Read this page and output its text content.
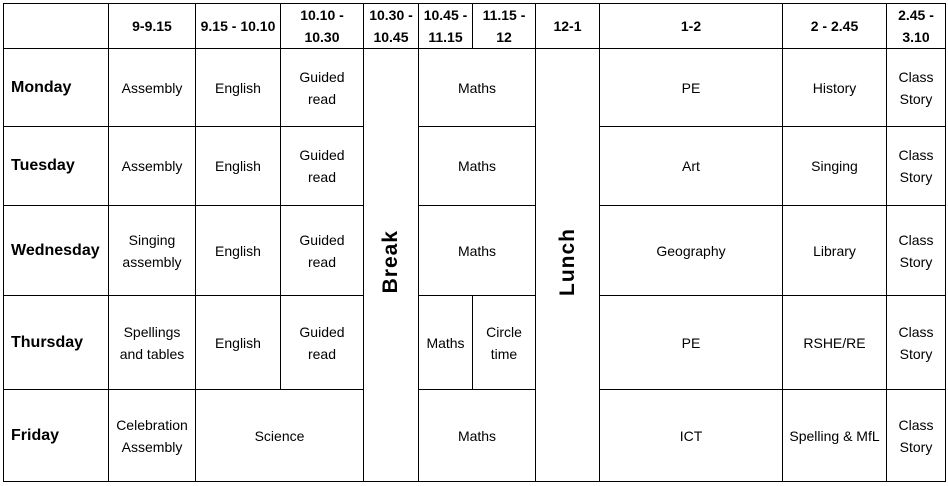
	9-9.15	9.15 - 10.10	10.10 - 10.30	10.30 - 10.45	10.45 - 11.15	11.15 - 12	12-1	1-2	2 - 2.45	2.45 - 3.10
Monday	Assembly	English	Guided read	Break	Maths		Lunch	PE	History	Class Story
Tuesday	Assembly	English	Guided read		Maths			Art	Singing	Class Story
Wednesday	Singing assembly	English	Guided read		Maths			Geography	Library	Class Story
Thursday	Spellings and tables	English	Guided read		Maths	Circle time		PE	RSHE/RE	Class Story
Friday	Celebration Assembly	Science			Maths			ICT	Spelling & MfL	Class Story
